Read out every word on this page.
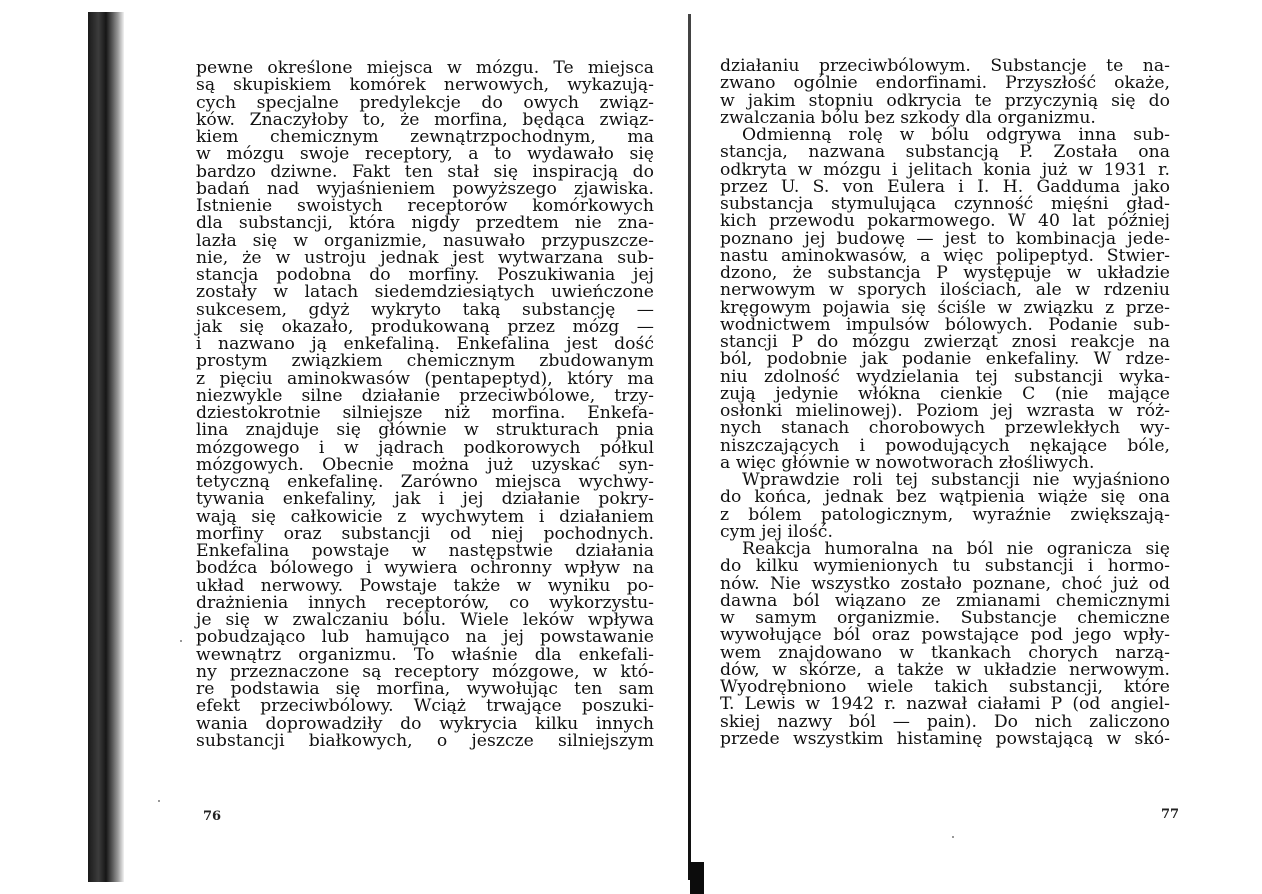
pewne określone miejsca w mózgu. Te miejsca
są skupiskiem komórek nerwowych, wykazują-
cych specjalne predylekcje do owych związ-
ków. Znaczyłoby to, że morfina, będąca związ-
kiem chemicznym zewnątrzpochodnym, ma
w mózgu swoje receptory, a to wydawało się
bardzo dziwne. Fakt ten stał się inspiracją do
badań nad wyjaśnieniem powyższego zjawiska.
Istnienie swoistych receptorów komórkowych
dla substancji, która nigdy przedtem nie zna-
lazła się w organizmie, nasuwało przypuszcze-
nie, że w ustroju jednak jest wytwarzana sub-
stancja podobna do morfiny. Poszukiwania jej
zostały w latach siedemdziesiątych uwieńczone
sukcesem, gdyż wykryto taką substancję —
jak się okazało, produkowaną przez mózg —
i nazwano ją enkefaliną. Enkefalina jest dość
prostym związkiem chemicznym zbudowanym
z pięciu aminokwasów (pentapeptyd), który ma
niezwykle silne działanie przeciwbólowe, trzy-
dziestokrotnie silniejsze niż morfina. Enkefa-
lina znajduje się głównie w strukturach pnia
mózgowego i w jądrach podkorowych półkul
mózgowych. Obecnie można już uzyskać syn-
tetyczną enkefalinę. Zarówno miejsca wychwy-
tywania enkefaliny, jak i jej działanie pokry-
wają się całkowicie z wychwytem i działaniem
morfiny oraz substancji od niej pochodnych.
Enkefalina powstaje w następstwie działania
bodźca bólowego i wywiera ochronny wpływ na
układ nerwowy. Powstaje także w wyniku po-
drażnienia innych receptorów, co wykorzystu-
je się w zwalczaniu bólu. Wiele leków wpływa
pobudzająco lub hamująco na jej powstawanie
wewnątrz organizmu. To właśnie dla enkefali-
ny przeznaczone są receptory mózgowe, w któ-
re podstawia się morfina, wywołując ten sam
efekt przeciwbólowy. Wciąż trwające poszuki-
wania doprowadziły do wykrycia kilku innych
substancji białkowych, o jeszcze silniejszym
działaniu przeciwbólowym. Substancje te na-
zwano ogólnie endorfinami. Przyszłość okaże,
w jakim stopniu odkrycia te przyczynią się do
zwalczania bólu bez szkody dla organizmu.
Odmienną rolę w bólu odgrywa inna sub-
stancja, nazwana substancją P. Została ona
odkryta w mózgu i jelitach konia już w 1931 r.
przez U. S. von Eulera i I. H. Gadduma jako
substancja stymulująca czynność mięśni gład-
kich przewodu pokarmowego. W 40 lat później
poznano jej budowę — jest to kombinacja jede-
nastu aminokwasów, a więc polipeptyd. Stwier-
dzono, że substancja P występuje w układzie
nerwowym w sporych ilościach, ale w rdzeniu
kręgowym pojawia się ściśle w związku z prze-
wodnictwem impulsów bólowych. Podanie sub-
stancji P do mózgu zwierząt znosi reakcje na
ból, podobnie jak podanie enkefaliny. W rdze-
niu zdolność wydzielania tej substancji wyka-
zują jedynie włókna cienkie C (nie mające
osłonki mielinowej). Poziom jej wzrasta w róż-
nych stanach chorobowych przewlekłych wy-
niszczających i powodujących nękające bóle,
a więc głównie w nowotworach złośliwych.
Wprawdzie roli tej substancji nie wyjaśniono
do końca, jednak bez wątpienia wiąże się ona
z bólem patologicznym, wyraźnie zwiększają-
cym jej ilość.
Reakcja humoralna na ból nie ogranicza się
do kilku wymienionych tu substancji i hormo-
nów. Nie wszystko zostało poznane, choć już od
dawna ból wiązano ze zmianami chemicznymi
w samym organizmie. Substancje chemiczne
wywołujące ból oraz powstające pod jego wpły-
wem znajdowano w tkankach chorych narzą-
dów, w skórze, a także w układzie nerwowym.
Wyodrębniono wiele takich substancji, które
T. Lewis w 1942 r. nazwał ciałami P (od angiel-
skiej nazwy ból — pain). Do nich zaliczono
przede wszystkim histaminę powstającą w skó-
76	77
